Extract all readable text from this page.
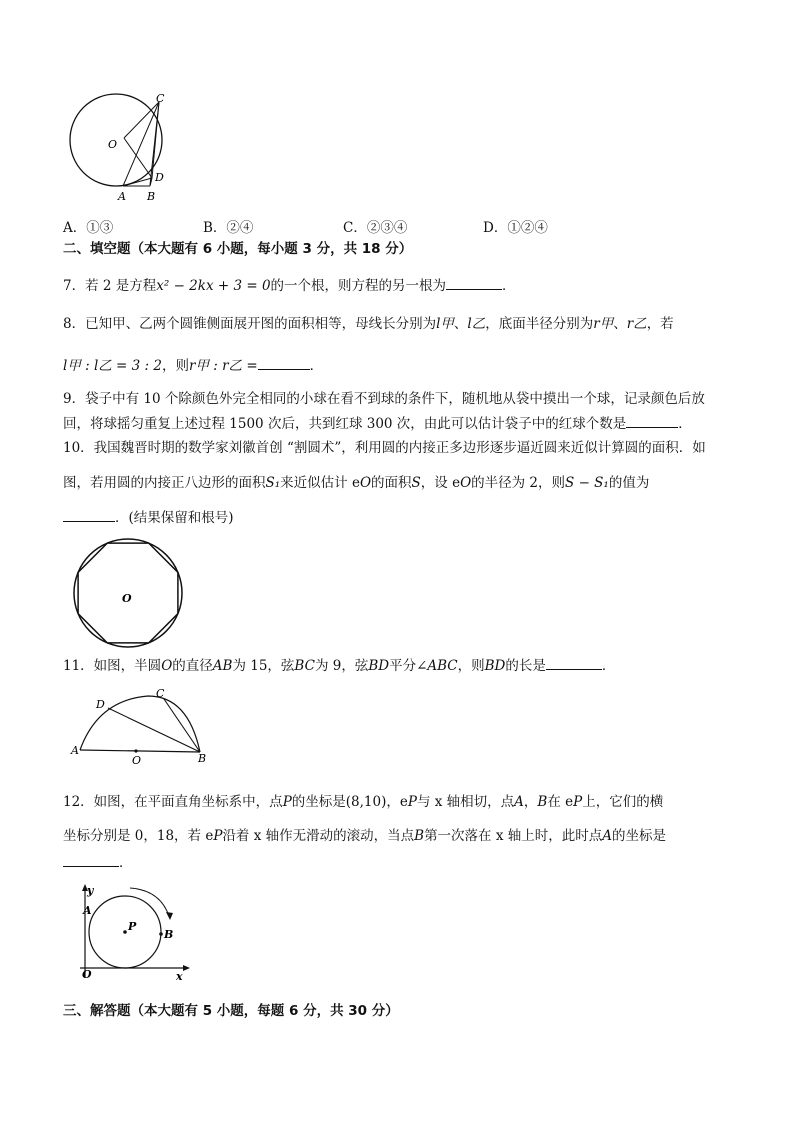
C
O
D
A B
A．①③	B．②④	C．②③④	D．①②④
二、填空题（本大题有 6 小题，每小题 3 分，共 18 分）
7．若 2 是方程x² − 2kx + 3 = 0的一个根，则方程的另一根为	．
8．已知甲、乙两个圆锥侧面展开图的面积相等，母线长分别为l甲、l乙，底面半径分别为r甲、r乙，若
l甲 : l乙 = 3 : 2，则r甲 : r乙 =	．
9．袋子中有 10 个除颜色外完全相同的小球在看不到球的条件下，随机地从袋中摸出一个球，记录颜色后放
回，将球摇匀重复上述过程 1500 次后，共到红球 300 次，由此可以估计袋子中的红球个数是	．
10．我国魏晋时期的数学家刘徽首创 “割圆术”，利用圆的内接正多边形逐步逼近圆来近似计算圆的面积．如
图，若用圆的内接正八边形的面积S₁来近似估计 eO的面积S，设 eO的半径为 2，则S − S₁的值为
．(结果保留和根号)
O
11．如图，半圆O的直径AB为 15，弦BC为 9，弦BD平分∠ABC，则BD的长是	．
D
C
A
O	B
12．如图，在平面直角坐标系中，点P的坐标是(8,10)，eP与 x 轴相切，点A，B在 eP上，它们的横
坐标分别是 0，18，若 eP沿着 x 轴作无滑动的滚动，当点B第一次落在 x 轴上时，此时点A的坐标是
．
y
A
P
B
O	x
三、解答题（本大题有 5 小题，每题 6 分，共 30 分）
